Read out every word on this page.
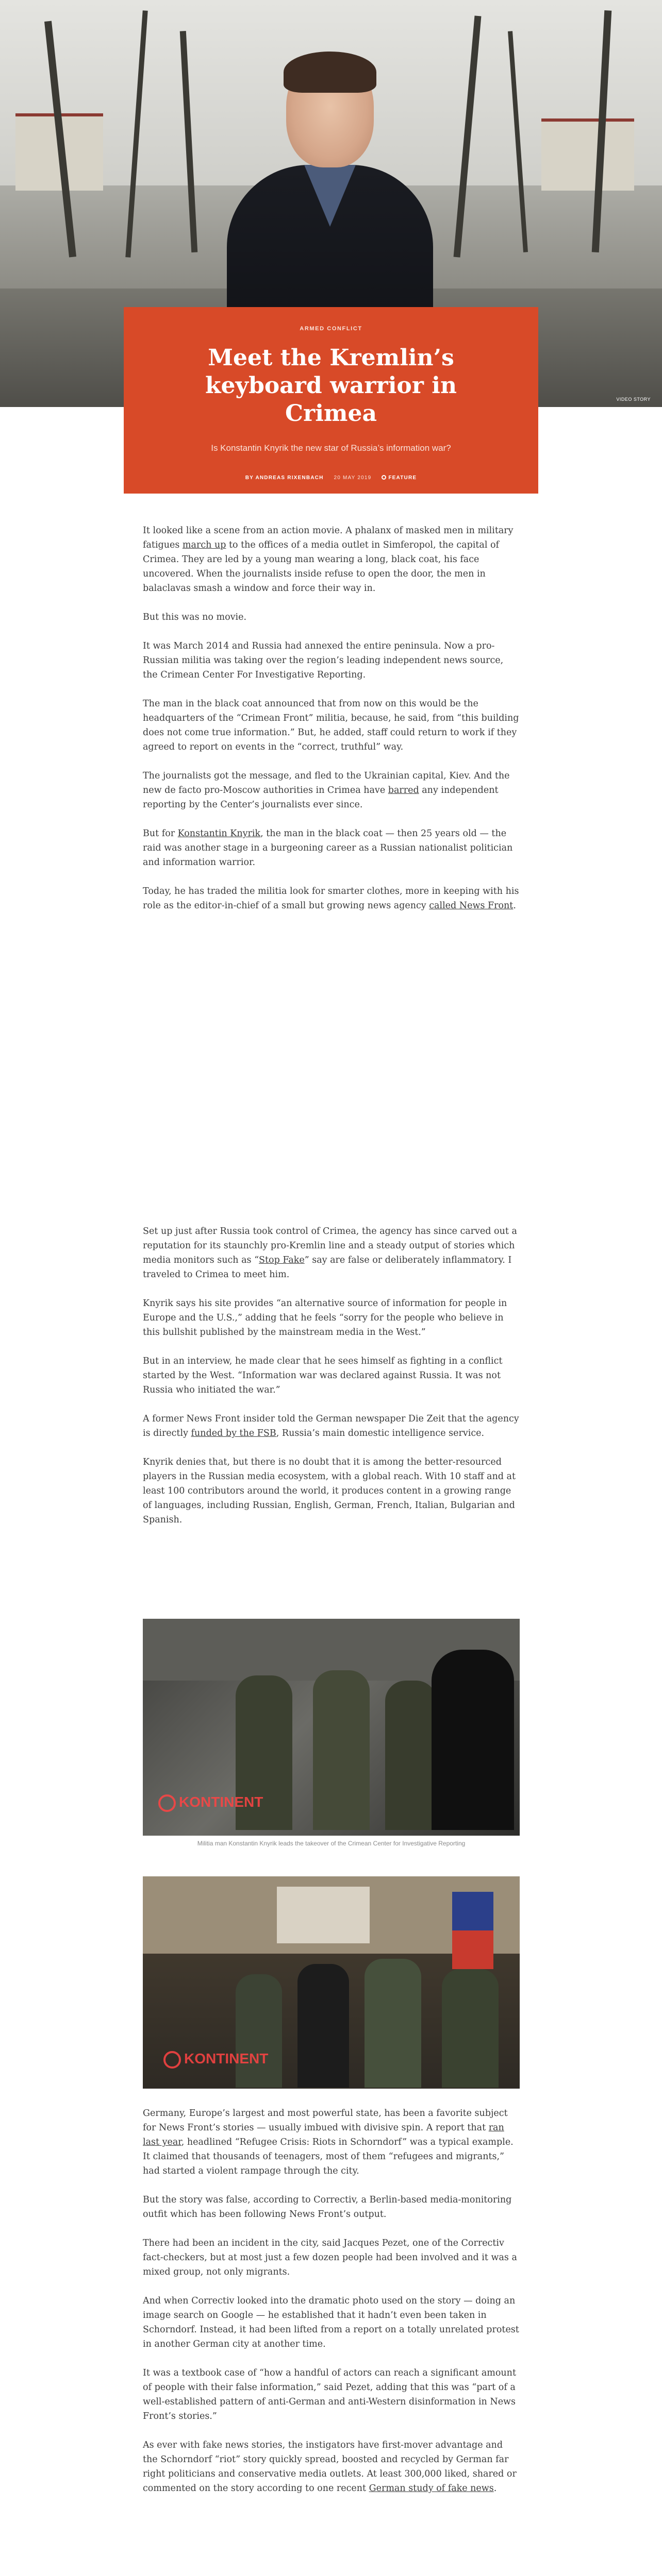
VIDEO STORY
ARMED CONFLICT
Meet the Kremlin’s keyboard warrior in Crimea
Is Konstantin Knyrik the new star of Russia’s information war?
BY ANDREAS RIXENBACH 20 MAY 2019	FEATURE

It looked like a scene from an action movie. A phalanx of masked men in military fatigues march up to the offices of a media outlet in Simferopol, the capital of Crimea. They are led by a young man wearing a long, black coat, his face uncovered. When the journalists inside refuse to open the door, the men in balaclavas smash a window and force their way in.

But this was no movie.

It was March 2014 and Russia had annexed the entire peninsula. Now a pro-Russian militia was taking over the region’s leading independent news source, the Crimean Center For Investigative Reporting.

The man in the black coat announced that from now on this would be the headquarters of the “Crimean Front” militia, because, he said, from “this building does not come true information.” But, he added, staff could return to work if they agreed to report on events in the “correct, truthful” way.

The journalists got the message, and fled to the Ukrainian capital, Kiev. And the new de facto pro-Moscow authorities in Crimea have barred any independent reporting by the Center’s journalists ever since.

But for Konstantin Knyrik, the man in the black coat — then 25 years old — the raid was another stage in a burgeoning career as a Russian nationalist politician and information warrior.

Today, he has traded the militia look for smarter clothes, more in keeping with his role as the editor-in-chief of a small but growing news agency called News Front.

Set up just after Russia took control of Crimea, the agency has since carved out a reputation for its staunchly pro-Kremlin line and a steady output of stories which media monitors such as “Stop Fake” say are false or deliberately inflammatory. I traveled to Crimea to meet him.

Knyrik says his site provides “an alternative source of information for people in Europe and the U.S.,” adding that he feels “sorry for the people who believe in this bullshit published by the mainstream media in the West.”

But in an interview, he made clear that he sees himself as fighting in a conflict started by the West. “Information war was declared against Russia. It was not Russia who initiated the war.”

A former News Front insider told the German newspaper Die Zeit that the agency is directly funded by the FSB, Russia’s main domestic intelligence service.

Knyrik denies that, but there is no doubt that it is among the better-resourced players in the Russian media ecosystem, with a global reach. With 10 staff and at least 100 contributors around the world, it produces content in a growing range of languages, including Russian, English, German, French, Italian, Bulgarian and Spanish.

KONTINENT
Militia man Konstantin Knyrik leads the takeover of the Crimean Center for Investigative Reporting
KONTINENT

Germany, Europe’s largest and most powerful state, has been a favorite subject for News Front’s stories — usually imbued with divisive spin. A report that ran last year, headlined “Refugee Crisis: Riots in Schorndorf” was a typical example. It claimed that thousands of teenagers, most of them “refugees and migrants,” had started a violent rampage through the city.

But the story was false, according to Correctiv, a Berlin-based media-monitoring outfit which has been following News Front’s output.

There had been an incident in the city, said Jacques Pezet, one of the Correctiv fact-checkers, but at most just a few dozen people had been involved and it was a mixed group, not only migrants.

And when Correctiv looked into the dramatic photo used on the story — doing an image search on Google — he established that it hadn’t even been taken in Schorndorf. Instead, it had been lifted from a report on a totally unrelated protest in another German city at another time.

It was a textbook case of “how a handful of actors can reach a significant amount of people with their false information,” said Pezet, adding that this was “part of a well-established pattern of anti-German and anti-Western disinformation in News Front’s stories.”

As ever with fake news stories, the instigators have first-mover advantage and the Schorndorf “riot” story quickly spread, boosted and recycled by German far right politicians and conservative media outlets. At least 300,000 liked, shared or commented on the story according to one recent German study of fake news.
